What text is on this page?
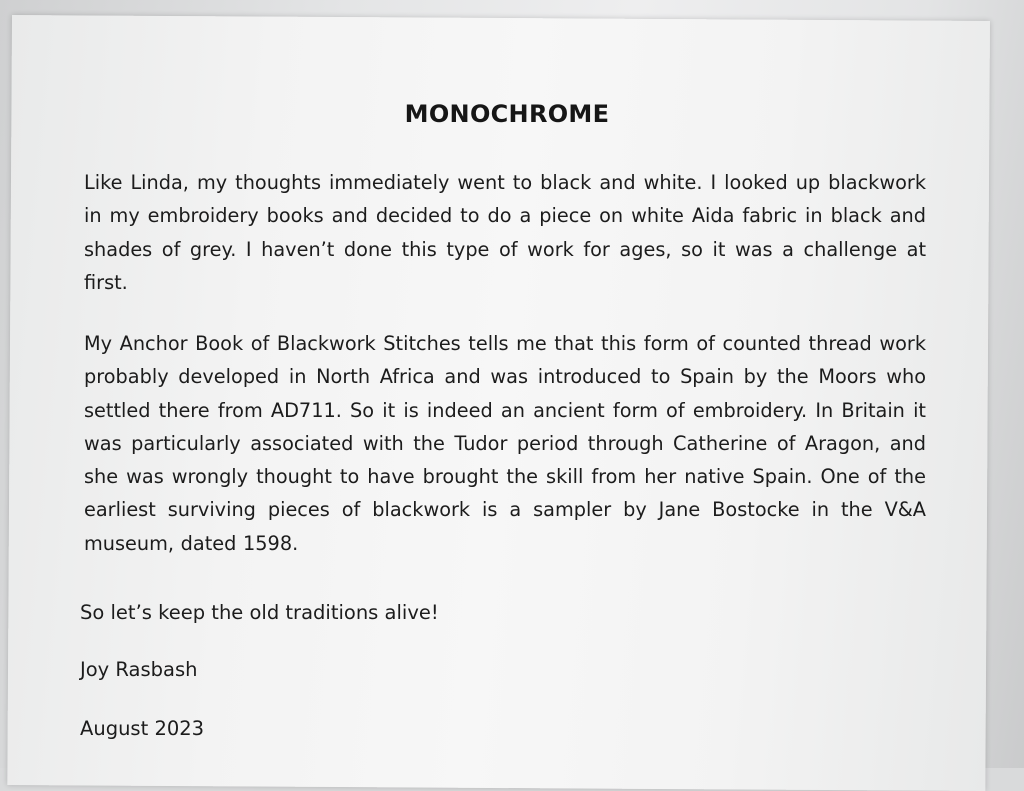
MONOCHROME

Like Linda, my thoughts immediately went to black and white. I looked up blackwork in my embroidery books and decided to do a piece on white Aida fabric in black and shades of grey. I haven’t done this type of work for ages, so it was a challenge at first.

My Anchor Book of Blackwork Stitches tells me that this form of counted thread work probably developed in North Africa and was introduced to Spain by the Moors who settled there from AD711. So it is indeed an ancient form of embroidery. In Britain it was particularly associated with the Tudor period through Catherine of Aragon, and she was wrongly thought to have brought the skill from her native Spain. One of the earliest surviving pieces of blackwork is a sampler by Jane Bostocke in the V&A museum, dated 1598.

So let’s keep the old traditions alive!
Joy Rasbash
August 2023
